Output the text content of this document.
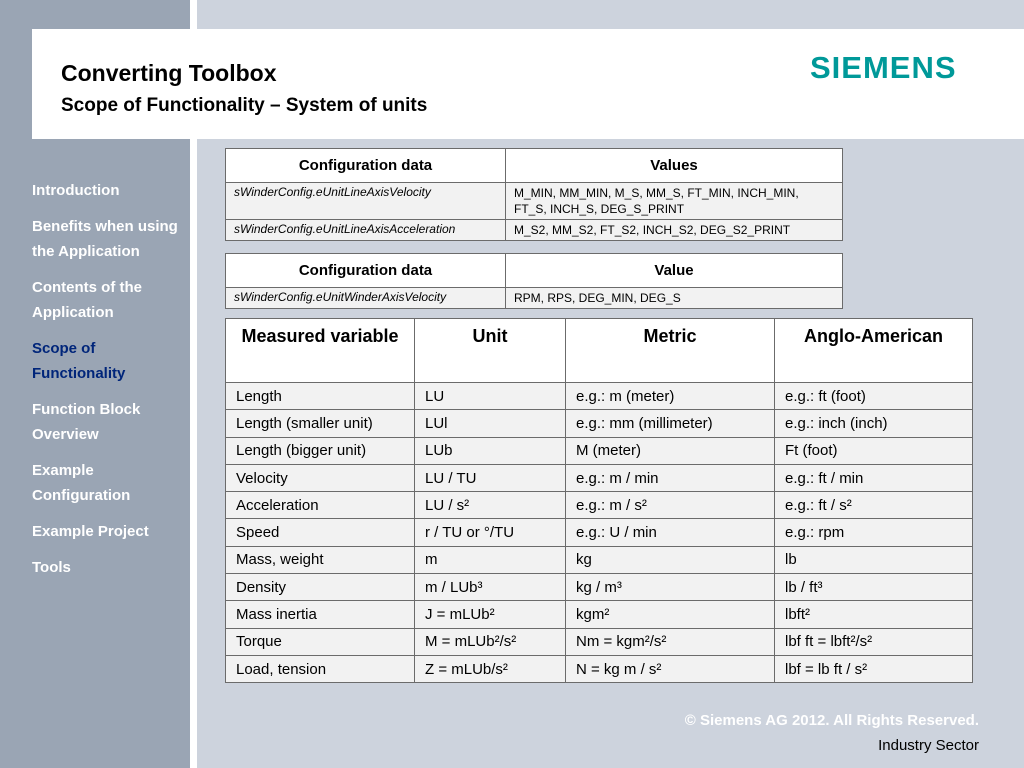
Converting Toolbox
Scope of Functionality – System of units
SIEMENS
Introduction
Benefits when using the Application
Contents of the Application
Scope of Functionality
Function Block Overview
Example Configuration
Example Project
Tools
Configuration data	Values
sWinderConfig.eUnitLineAxisVelocity	M_MIN, MM_MIN, M_S, MM_S, FT_MIN, INCH_MIN, FT_S, INCH_S, DEG_S_PRINT
sWinderConfig.eUnitLineAxisAcceleration	M_S2, MM_S2, FT_S2, INCH_S2, DEG_S2_PRINT
Configuration data	Value
sWinderConfig.eUnitWinderAxisVelocity	RPM, RPS, DEG_MIN, DEG_S
Measured variable	Unit	Metric	Anglo-American
Length	LU	e.g.: m (meter)	e.g.: ft (foot)
Length (smaller unit)	LUl	e.g.: mm (millimeter)	e.g.: inch (inch)
Length (bigger unit)	LUb	M (meter)	Ft (foot)
Velocity	LU / TU	e.g.: m / min	e.g.: ft / min
Acceleration	LU / s²	e.g.: m / s²	e.g.: ft / s²
Speed	r / TU or °/TU	e.g.: U / min	e.g.: rpm
Mass, weight	m	kg	lb
Density	m / LUb³	kg / m³	lb / ft³
Mass inertia	J = mLUb²	kgm²	lbft²
Torque	M = mLUb²/s²	Nm = kgm²/s²	lbf ft = lbft²/s²
Load, tension	Z = mLUb/s²	N = kg m / s²	lbf = lb ft / s²
© Siemens AG 2012. All Rights Reserved.
Industry Sector
